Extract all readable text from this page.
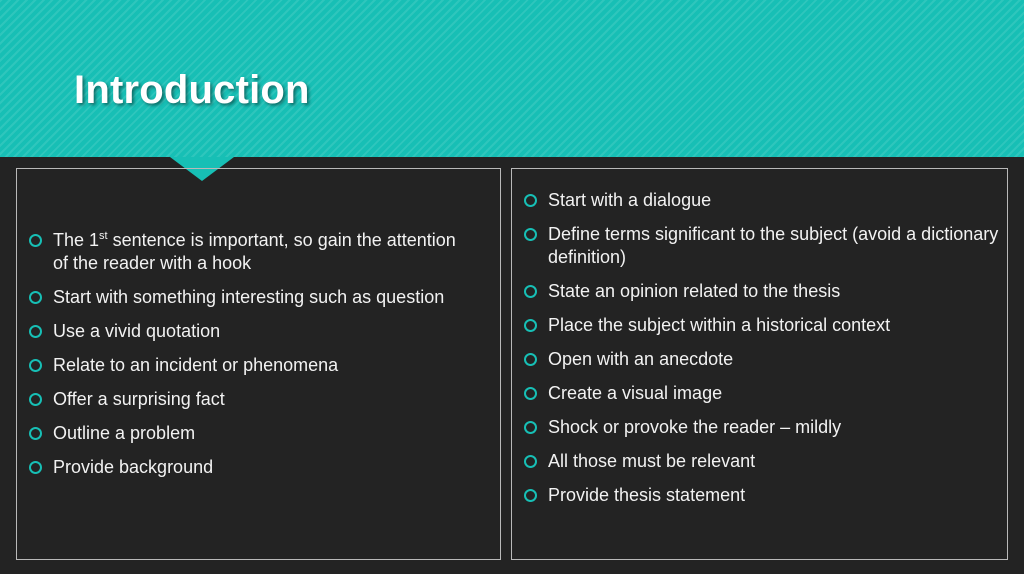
Introduction
The 1st sentence is important, so gain the attention of the reader with a hook
Start with something interesting such as question
Use a vivid quotation
Relate to an incident or phenomena
Offer a surprising fact
Outline a problem
Provide background
Start with a dialogue
Define terms significant to the subject (avoid a dictionary definition)
State an opinion related to the thesis
Place the subject within a historical context
Open with an anecdote
Create a visual image
Shock or provoke the reader – mildly
All those must be relevant
Provide thesis statement
